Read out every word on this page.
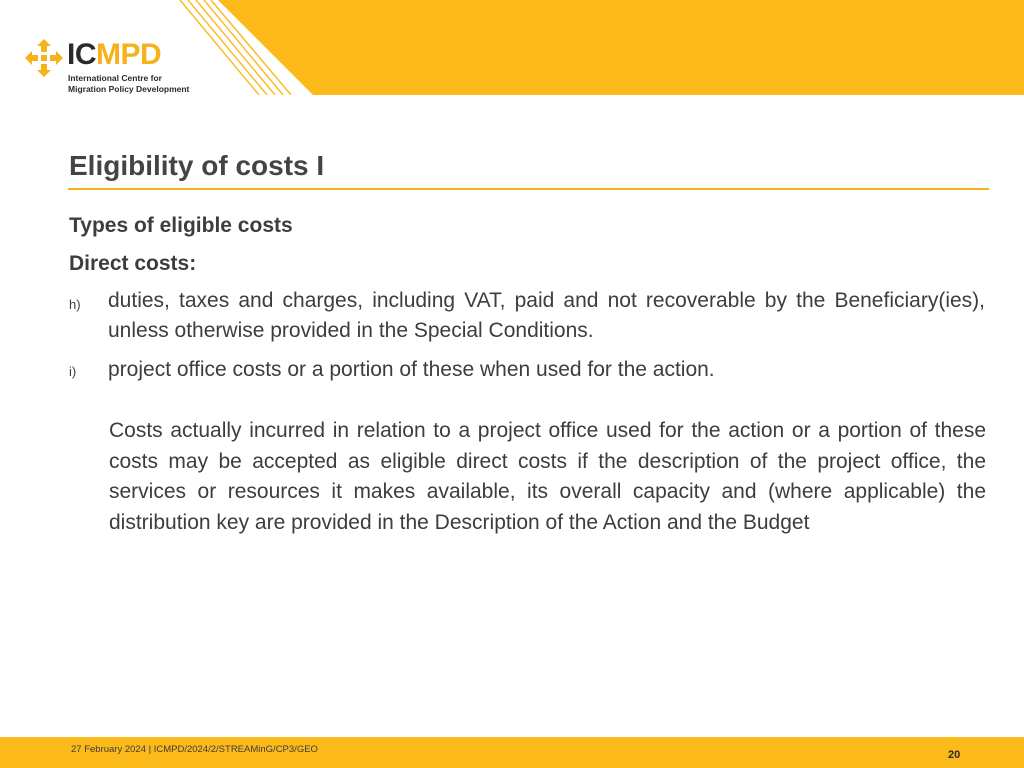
ICMPD
International Centre for
Migration Policy Development
Eligibility of costs I
Types of eligible costs
Direct costs:
h) duties, taxes and charges, including VAT, paid and not recoverable by the Beneficiary(ies), unless otherwise provided in the Special Conditions.
i) project office costs or a portion of these when used for the action.
Costs actually incurred in relation to a project office used for the action or a portion of these costs may be accepted as eligible direct costs if the description of the project office, the services or resources it makes available, its overall capacity and (where applicable) the distribution key are provided in the Description of the Action and the Budget
27 February 2024 | ICMPD/2024/2/STREAMinG/CP3/GEO	20
